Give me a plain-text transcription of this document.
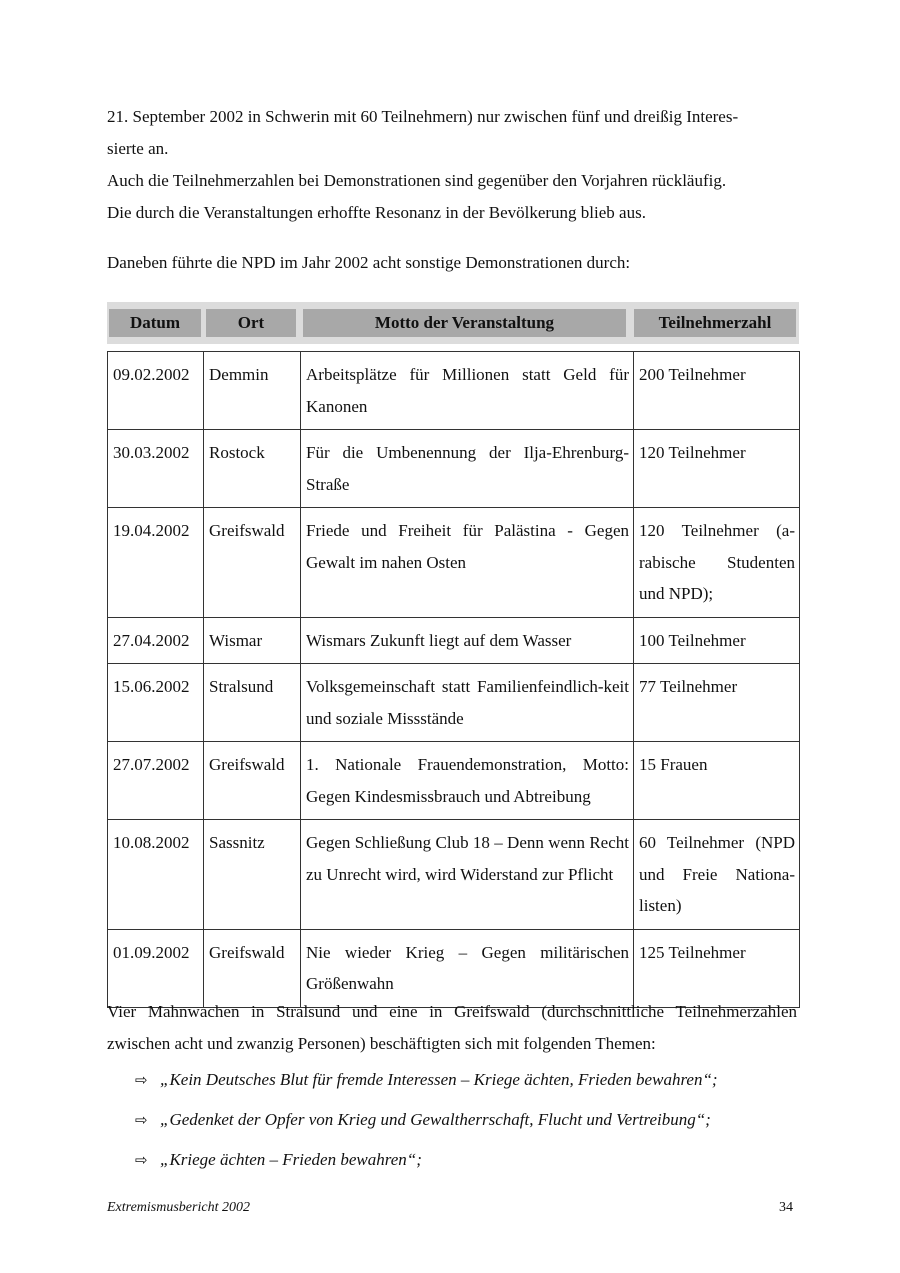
21. September 2002 in Schwerin mit 60 Teilnehmern) nur zwischen fünf und dreißig Interes-
sierte an.

Auch die Teilnehmerzahlen bei Demonstrationen sind gegenüber den Vorjahren rückläufig.
Die durch die Veranstaltungen erhoffte Resonanz in der Bevölkerung blieb aus.

Daneben führte die NPD im Jahr 2002 acht sonstige Demonstrationen durch:

Datum	Ort	Motto der Veranstaltung	Teilnehmerzahl
09.02.2002	Demmin	Arbeitsplätze für Millionen statt Geld für Kanonen	200 Teilnehmer
30.03.2002	Rostock	Für die Umbenennung der Ilja-Ehrenburg-Straße	120 Teilnehmer
19.04.2002	Greifswald	Friede und Freiheit für Palästina - Gegen Gewalt im nahen Osten	120 Teilnehmer (a-rabische Studenten und NPD);
27.04.2002	Wismar	Wismars Zukunft liegt auf dem Wasser	100 Teilnehmer
15.06.2002	Stralsund	Volksgemeinschaft statt Familienfeindlich-keit und soziale Missstände	77 Teilnehmer
27.07.2002	Greifswald	1. Nationale Frauendemonstration, Motto: Gegen Kindesmissbrauch und Abtreibung	15 Frauen
10.08.2002	Sassnitz	Gegen Schließung Club 18 – Denn wenn Recht zu Unrecht wird, wird Widerstand zur Pflicht	60 Teilnehmer (NPD und Freie Nationa-listen)
01.09.2002	Greifswald	Nie wieder Krieg – Gegen militärischen Größenwahn	125 Teilnehmer

Vier Mahnwachen in Stralsund und eine in Greifswald (durchschnittliche Teilnehmerzahlen zwischen acht und zwanzig Personen) beschäftigten sich mit folgenden Themen:

⇨ „Kein Deutsches Blut für fremde Interessen – Kriege ächten, Frieden bewahren“;
⇨ „Gedenket der Opfer von Krieg und Gewaltherrschaft, Flucht und Vertreibung“;
⇨ „Kriege ächten – Frieden bewahren“;
Extremismusbericht 2002	34
